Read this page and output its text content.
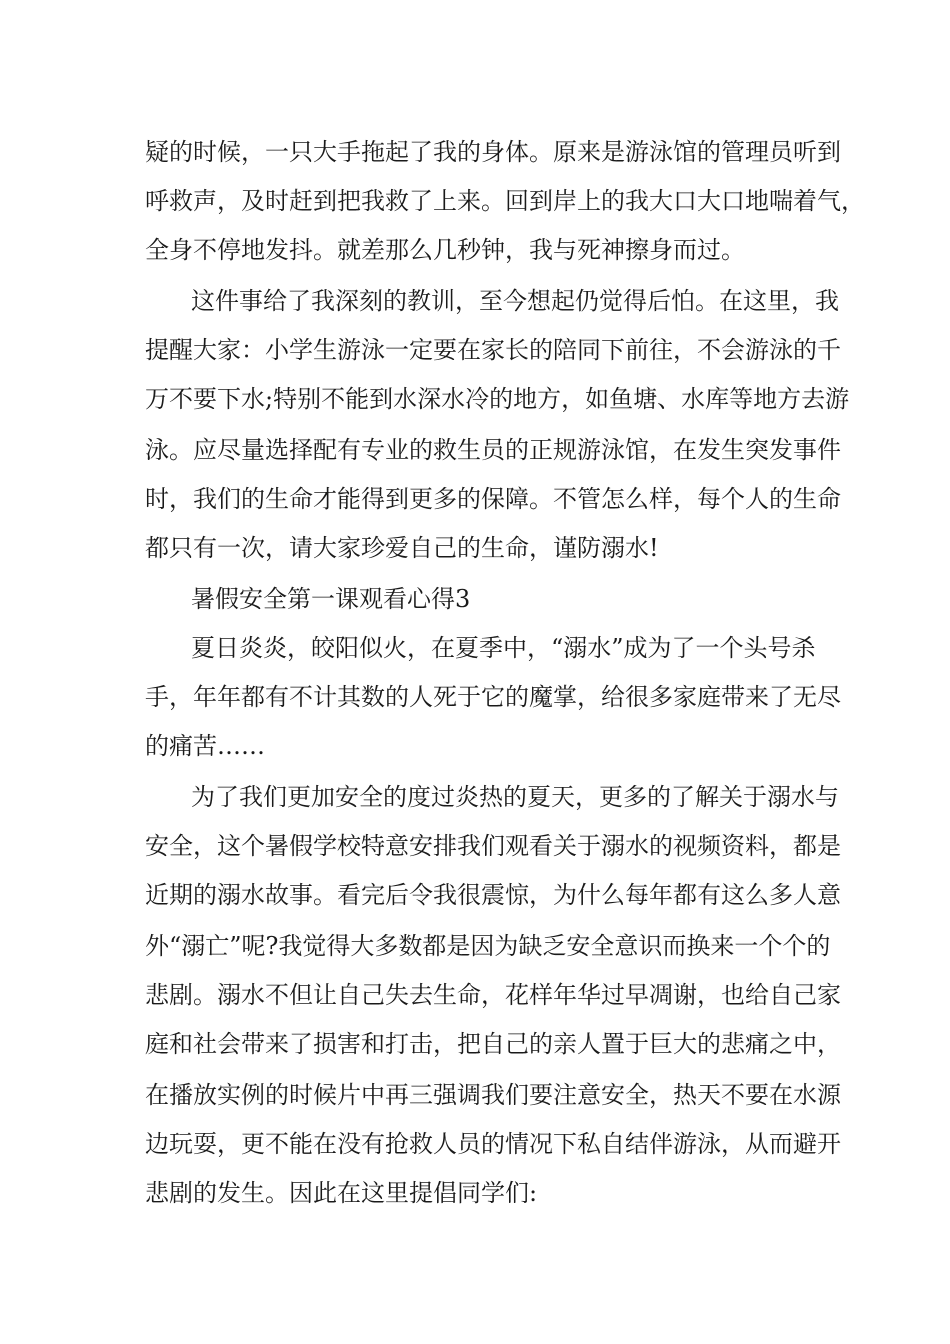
疑的时候，一只大手拖起了我的身体。原来是游泳馆的管理员听到
呼救声，及时赶到把我救了上来。回到岸上的我大口大口地喘着气，
全身不停地发抖。就差那么几秒钟，我与死神擦身而过。
这件事给了我深刻的教训，至今想起仍觉得后怕。在这里，我
提醒大家：小学生游泳一定要在家长的陪同下前往，不会游泳的千
万不要下水;特别不能到水深水冷的地方，如鱼塘、水库等地方去游
泳。应尽量选择配有专业的救生员的正规游泳馆，在发生突发事件
时，我们的生命才能得到更多的保障。不管怎么样，每个人的生命
都只有一次，请大家珍爱自己的生命，谨防溺水!
暑假安全第一课观看心得3
夏日炎炎，皎阳似火，在夏季中，“溺水”成为了一个头号杀
手，年年都有不计其数的人死于它的魔掌，给很多家庭带来了无尽
的痛苦……
为了我们更加安全的度过炎热的夏天，更多的了解关于溺水与
安全，这个暑假学校特意安排我们观看关于溺水的视频资料，都是
近期的溺水故事。看完后令我很震惊，为什么每年都有这么多人意
外“溺亡”呢?我觉得大多数都是因为缺乏安全意识而换来一个个的
悲剧。溺水不但让自己失去生命，花样年华过早凋谢，也给自己家
庭和社会带来了损害和打击，把自己的亲人置于巨大的悲痛之中，
在播放实例的时候片中再三强调我们要注意安全，热天不要在水源
边玩耍，更不能在没有抢救人员的情况下私自结伴游泳，从而避开
悲剧的发生。因此在这里提倡同学们:
